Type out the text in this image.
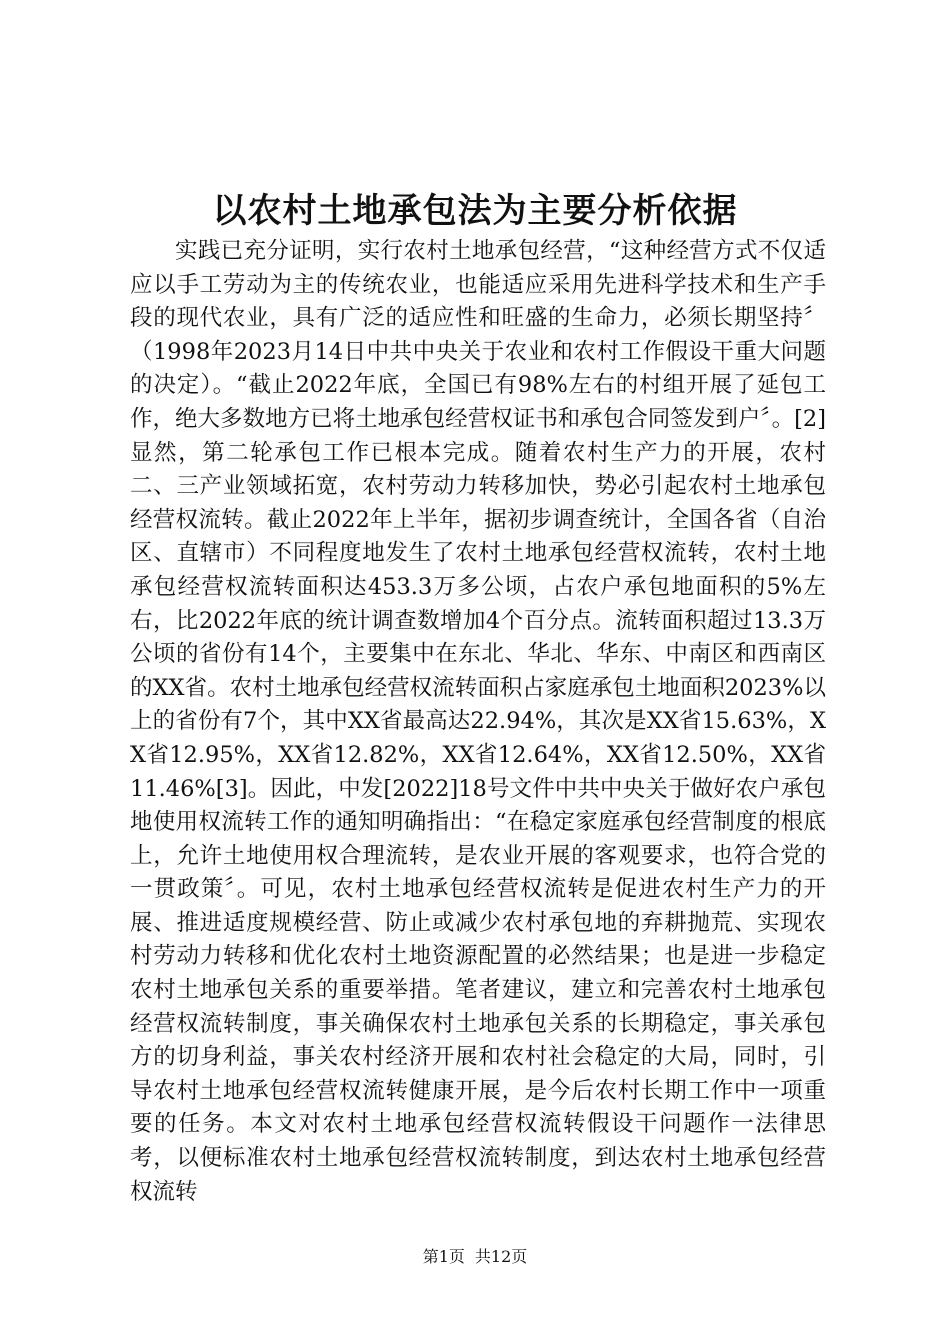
以农村土地承包法为主要分析依据

实践已充分证明，实行农村土地承包经营，“这种经营方式不仅适应以手工劳动为主的传统农业，也能适应采用先进科学技术和生产手段的现代农业，具有广泛的适应性和旺盛的生命力，必须长期坚持〞（1998年2023月14日中共中央关于农业和农村工作假设干重大问题的决定）。“截止2022年底，全国已有98%左右的村组开展了延包工作，绝大多数地方已将土地承包经营权证书和承包合同签发到户〞。[2]显然，第二轮承包工作已根本完成。随着农村生产力的开展，农村二、三产业领域拓宽，农村劳动力转移加快，势必引起农村土地承包经营权流转。截止2022年上半年，据初步调查统计，全国各省（自治区、直辖市）不同程度地发生了农村土地承包经营权流转，农村土地承包经营权流转面积达453.3万多公顷，占农户承包地面积的5%左右，比2022年底的统计调查数增加4个百分点。流转面积超过13.3万公顷的省份有14个，主要集中在东北、华北、华东、中南区和西南区的XX省。农村土地承包经营权流转面积占家庭承包土地面积2023%以上的省份有7个，其中XX省最高达22.94%，其次是XX省15.63%，XX省12.95%，XX省12.82%，XX省12.64%，XX省12.50%，XX省11.46%[3]。因此，中发[2022]18号文件中共中央关于做好农户承包地使用权流转工作的通知明确指出：“在稳定家庭承包经营制度的根底上，允许土地使用权合理流转，是农业开展的客观要求，也符合党的一贯政策〞。可见，农村土地承包经营权流转是促进农村生产力的开展、推进适度规模经营、防止或减少农村承包地的弃耕抛荒、实现农村劳动力转移和优化农村土地资源配置的必然结果；也是进一步稳定农村土地承包关系的重要举措。笔者建议，建立和完善农村土地承包经营权流转制度，事关确保农村土地承包关系的长期稳定，事关承包方的切身利益，事关农村经济开展和农村社会稳定的大局，同时，引导农村土地承包经营权流转健康开展，是今后农村长期工作中一项重要的任务。本文对农村土地承包经营权流转假设干问题作一法律思考，以便标准农村土地承包经营权流转制度，到达农村土地承包经营权流转

第1页 共12页
